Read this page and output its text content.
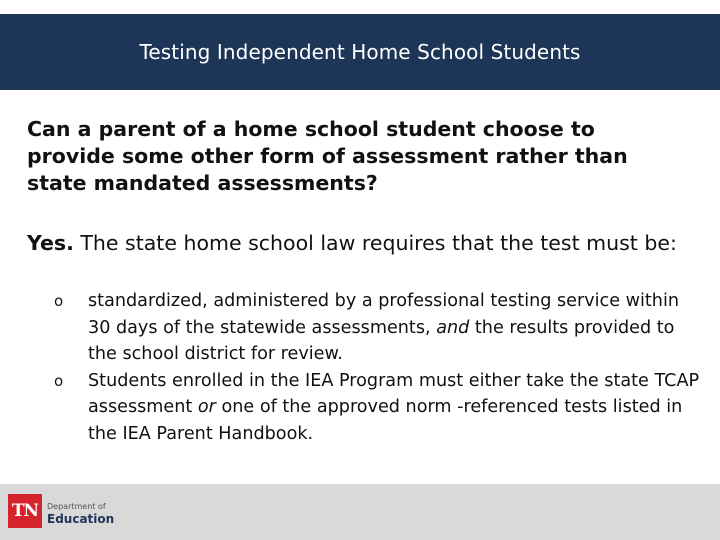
Testing Independent Home School Students
Can a parent of a home school student choose to provide some other form of assessment rather than state mandated assessments?
Yes. The state home school law requires that the test must be:
o standardized, administered by a professional testing service within 30 days of the statewide assessments, and the results provided to the school district for review.
o Students enrolled in the IEA Program must either take the state TCAP assessment or one of the approved norm -referenced tests listed in the IEA Parent Handbook.
TN	Department of
Education
